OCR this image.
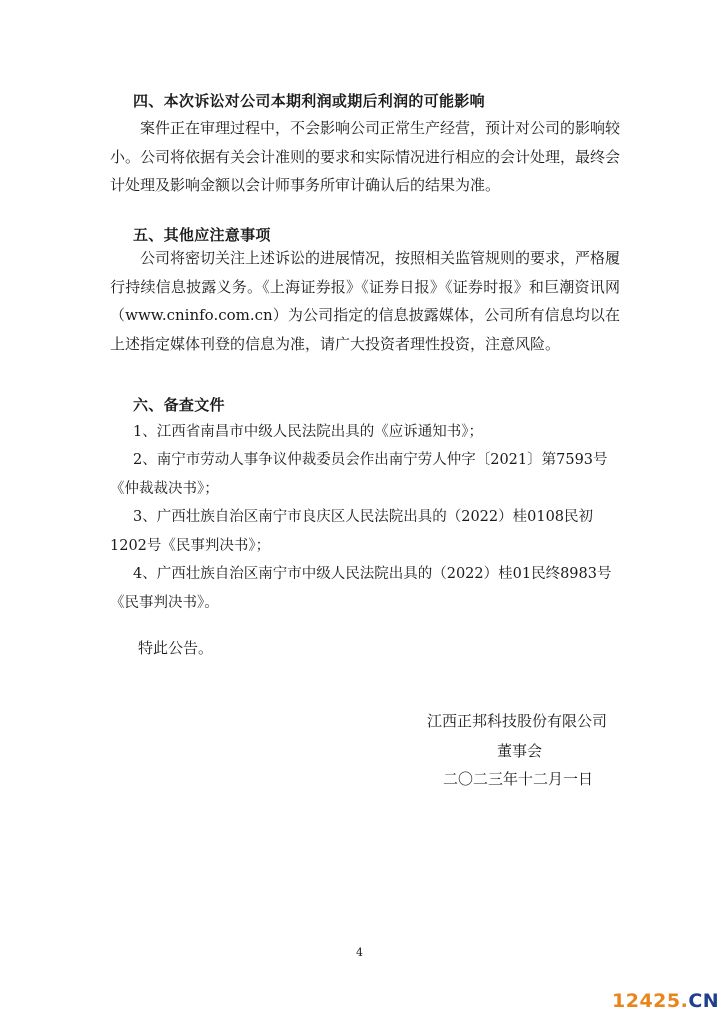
四、本次诉讼对公司本期利润或期后利润的可能影响

案件正在审理过程中，不会影响公司正常生产经营，预计对公司的影响较小。公司将依据有关会计准则的要求和实际情况进行相应的会计处理，最终会计处理及影响金额以会计师事务所审计确认后的结果为准。

五、其他应注意事项

公司将密切关注上述诉讼的进展情况，按照相关监管规则的要求，严格履行持续信息披露义务。《上海证券报》《证券日报》《证券时报》和巨潮资讯网（www.cninfo.com.cn）为公司指定的信息披露媒体，公司所有信息均以在上述指定媒体刊登的信息为准，请广大投资者理性投资，注意风险。

六、备查文件

1、江西省南昌市中级人民法院出具的《应诉通知书》；

2、南宁市劳动人事争议仲裁委员会作出南宁劳人仲字〔2021〕第7593号《仲裁裁决书》；

3、广西壮族自治区南宁市良庆区人民法院出具的（2022）桂0108民初1202号《民事判决书》；

4、广西壮族自治区南宁市中级人民法院出具的（2022）桂01民终8983号《民事判决书》。

特此公告。
江西正邦科技股份有限公司
董事会
二〇二三年十二月一日
4
12425.CN
